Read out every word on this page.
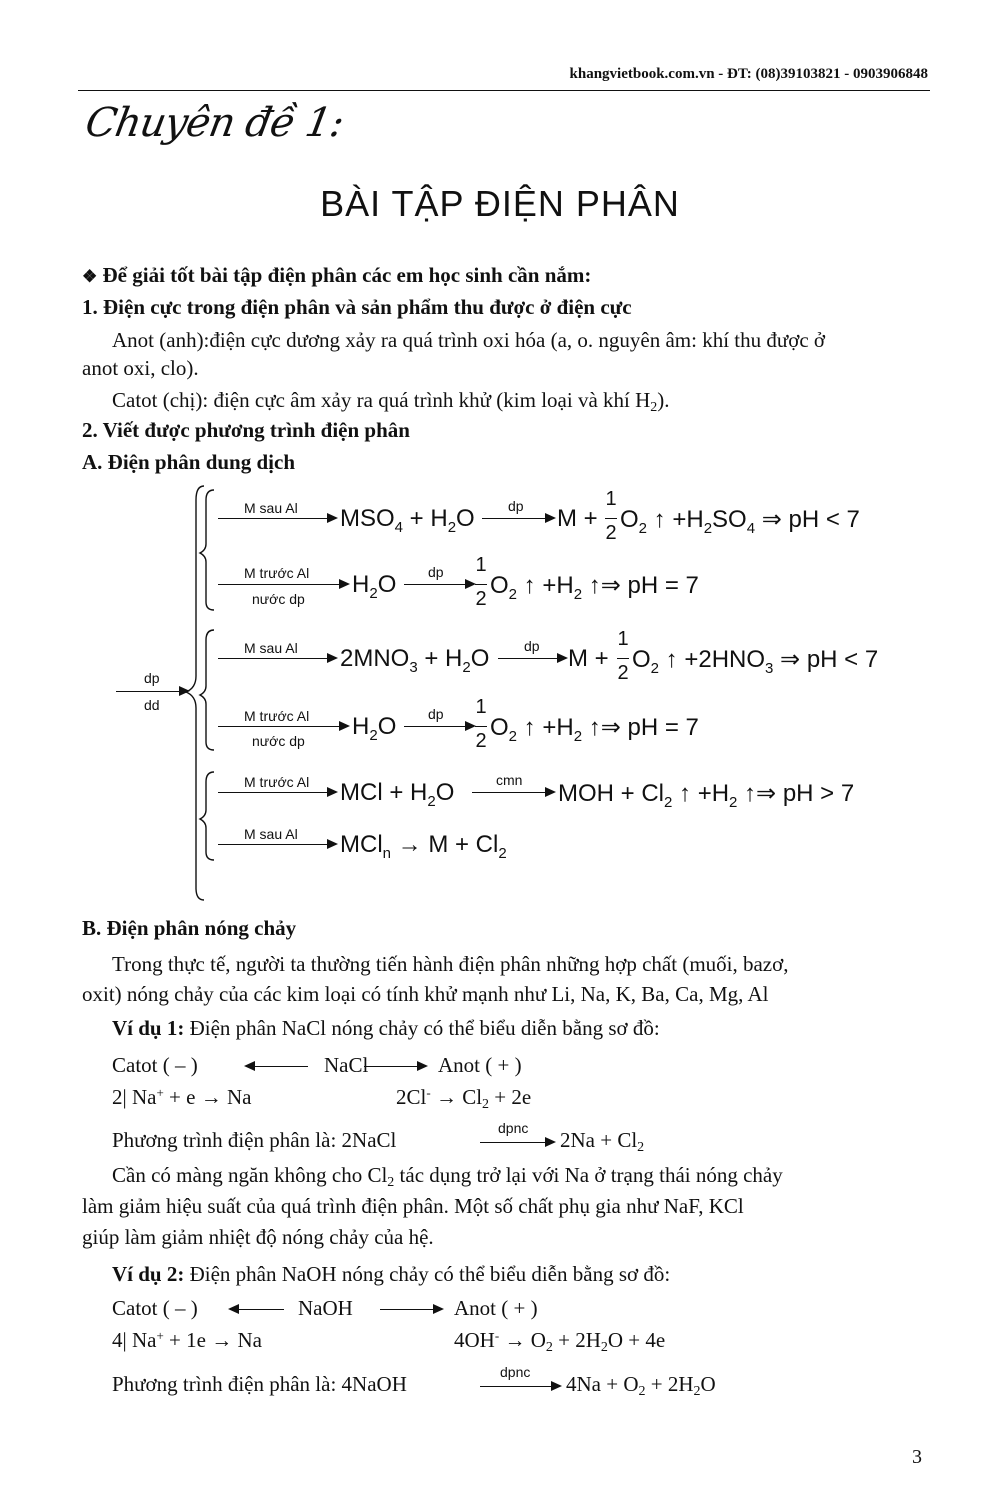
khangvietbook.com.vn - ĐT: (08)39103821 - 0903906848
Chuyên đề 1:
BÀI TẬP ĐIỆN PHÂN
❖ Để giải tốt bài tập điện phân các em học sinh cần nắm:
1. Điện cực trong điện phân và sản phẩm thu được ở điện cực
Anot (anh):điện cực dương xảy ra quá trình oxi hóa (a, o. nguyên âm: khí thu được ở
anot oxi, clo).
Catot (chị): điện cực âm xảy ra quá trình khử (kim loại và khí $H_2$).
2. Viết được phương trình điện phân
A. Điện phân dung dịch
dp
dd
M sau Al $MSO_4 + H_2O$ dp M +
1
2 $O_2$ ↑ $+H_2SO_4$ ⇒ pH < 7
M trước Al
nước dp
$H_2O$ dp 1
2 $O_2$ ↑ $+H_2$ ↑⇒ pH = 7
M sau Al $2MNO_3 + H_2O$ dp M +
1
2 $O_2$ ↑ $+2HNO_3$ ⇒ pH < 7
M trước Al
nước dp
$H_2O$ dp 1
2 $O_2$ ↑ $+H_2$ ↑⇒ pH = 7
M trước Al MCl + $H_2O$	cmn MOH + $Cl_2$ ↑ $+H_2$ ↑⇒ pH > 7
M sau Al $MCl_n \to M + Cl_2$
B. Điện phân nóng chảy
Trong thực tế, người ta thường tiến hành điện phân những hợp chất (muối, bazơ,
oxit) nóng chảy của các kim loại có tính khử mạnh như Li, Na, K, Ba, Ca, Mg, Al
Ví dụ 1: Điện phân NaCl nóng chảy có thể biểu diễn bằng sơ đồ:
Catot ( – )	NaCl	Anot ( + )
2| Na+ + e → Na	$2Cl^- \to Cl_2 + 2e$
Phương trình điện phân là: 2NaCl	dpnc $2Na + Cl_2$
Cần có màng ngăn không cho $Cl_2$ tác dụng trở lại với Na ở trạng thái nóng chảy
làm giảm hiệu suất của quá trình điện phân. Một số chất phụ gia như NaF, KCl
giúp làm giảm nhiệt độ nóng chảy của hệ.
Ví dụ 2: Điện phân NaOH nóng chảy có thể biểu diễn bằng sơ đồ:
Catot ( – )	NaOH	Anot ( + )
4| Na+ + 1e → Na	$4OH^- \to O_2 + 2H_2O + 4e$
Phương trình điện phân là: 4NaOH	dpnc $4Na + O_2 + 2H_2O$
3
